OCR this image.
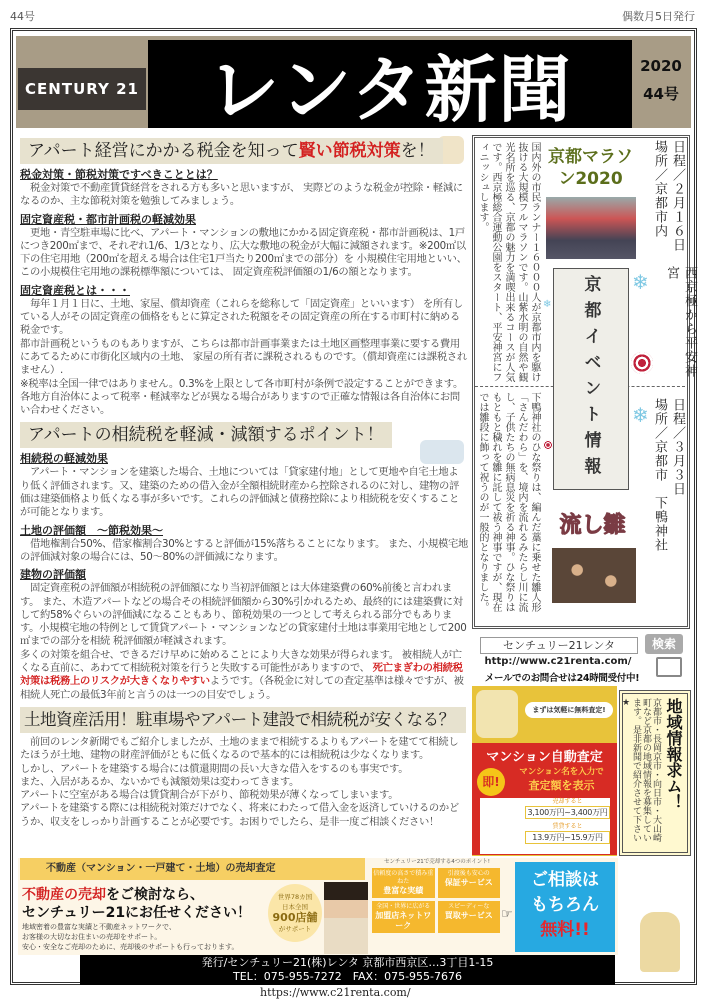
44号	偶数月5日発行
CENTURY 21 レンタ新聞	2020
44号
アパート経営にかかる税金を知って賢い節税対策を！
税金対策・節税対策ですべきこととは？
　税金対策で不動産賃貸経営をされる方も多いと思いますが、 実際どのような税金が控除・軽減になるのか、主な節税対策を勉強してみましょう。
固定資産税・都市計画税の軽減効果
　更地・青空駐車場に比べ、アパート・マンションの敷地にかかる固定資産税・都市計画税は、1戸につき200㎡まで、それぞれ1/6、1/3となり、広大な敷地の税金が大幅に減額されます。※200㎡以下の住宅用地（200㎡を超える場合は住宅1戸当たり200㎡までの部分）を 小規模住宅用地といい、この小規模住宅用地の課税標準額については、 固定資産税評価額の1/6の額となります。
固定資産税とは・・・
　毎年１月１日に、土地、家屋、償却資産（これらを総称して「固定資産」といいます） を所有している人がその固定資産の価格をもとに算定された税額をその固定資産の所在する市町村に納める税金です。
都市計画税というものもありますが、こちらは都市計画事業または土地区画整理事業に要する費用にあてるために市街化区域内の土地、 家屋の所有者に課税されるものです。（償却資産には課税されません）.
※税率は全国一律ではありません。0.3%を上限として各市町村が条例で設定することができます。各地方自治体によって税率・軽減率などが異なる場合がありますので正確な情報は各自治体にお問い合わせください。
アパートの相続税を軽減・減額するポイント！
相続税の軽減効果
　アパート・マンションを建築した場合、土地については「貸家建付地」として更地や自宅土地より低く評価されます。又、建築のための借入金が全額相続財産から控除されるのに対し、建物の評価は建築価格より低くなる事が多いです。これらの評価減と債務控除により相続税を安くすることが可能となります。
土地の評価額　～節税効果～
　借地権割合50%、借家権割合30%とすると評価が15%落ちることになります。 また、小規模宅地の評価減対象の場合には、50～80%の評価減になります。
建物の評価額
　固定資産税の評価額が相続税の評価額になり当初評価額とは大体建築費の60%前後と言われます。 また、木造アパートなどの場合その相続評価額から30%引かれるため、最終的には建築費に対して約58%ぐらいの評価減になることもあり、節税効果の一つとして考えられる部分でもあります。小規模宅地の特例として賃貸アパート・マンションなどの貸家建付土地は事業用宅地として200㎡までの部分を相続 税評価額が軽減されます。
多くの対策を組合せ、できるだけ早めに始めることにより大きな効果が得られます。 被相続人が亡くなる直前に、あわてて相続税対策を行うと失敗する可能性がありますので、 死亡まぎわの相続税対策は税務上のリスクが大きくなりやすいようです。（各税金に対しての査定基準は様々ですが、被相続人死亡の最低3年前と言うのは一つの目安でしょう。
土地資産活用！駐車場やアパート建設で相続税が安くなる？
　前回のレンタ新聞でもご紹介しましたが、土地のままで相続するよりもアパートを建てて相続したほうが土地、建物の財産評価がともに低くなるので基本的には相続税は少なくなります。
しかし、アパートを建築する場合には償還期間の長い大きな借入をするのも事実です。
また、入居があるか、ないかでも減額効果は変わってきます。
アパートに空室がある場合は賃貸割合が下がり、節税効果が薄くなってしまいます。
アパートを建築する際には相続税対策だけでなく、将来にわたって借入金を返済していけるのかどうか、収支をしっかり計画することが必要です。お困りでしたら、是非一度ご相談ください！
国内外の市民ランナー１６０００人が京都市内を駆け抜ける大規模フルマラソンです。山紫水明の自然や観光名所を巡る、京都の魅力を満喫出来るコースが人気です。西京極総合運動公園をスタート、平安神宮にフィニッシュします。	京都マラソン2020	日程／２月１６日
場所／京都市内
西京極から平安神宮
京都イベント情報	❄
❄
❄
下鴨神社のひな祭りは、編んだ藁に乗せた雛人形「さんだわら」を、境内を流れるみたらし川に流し、子供たちの無病息災を祈る神事。ひな祭りはもともと穢れを雛に託して祓う神事ですが、現在では雛段に飾って祝うのが一般的となりました。	流し雛
日程／３月３日
場所／京都市　下鴨神社
センチュリー21レンタ	検索
http://www.c21renta.com/
メールでのお問合せは24時間受付中!
まずは気軽に無料査定!
マンション自動査定
即!
マンション名を入力で
査定額を表示
売却すると
3,100万円~3,400万円
賃貸すると
13.9万円~15.9万円
地域情報求ム！
京都市・長岡京市・向日市・大山崎町など京都の地域情報を募集しています。是非新聞で紹介させて下さい★
不動産（マンション・一戸建て・土地）の売却査定
不動産の売却をご検討なら、
センチュリー21にお任せください！
地域密着の豊富な実績と不動産ネットワークで、
お客様の大切なお住まいの売却をサポート。
安心・安全なご売却のために、売却後のサポートも行っております。
世界78カ国
日本全国
900店舗
がサポート
センチュリー21で売却する4つのポイント!
信頼度の高さで積み重ねた
豊富な実績
引渡後も安心の
保証サービス
全国・世界に広がる
加盟店ネットワーク
スピーディーな
買取サービス
ご相談は
もちろん
無料!!
☞
発行/センチュリー21(株)レンタ 京都市西京区…3丁目1-15
TEL：075-955-7272　FAX：075-955-7676
https://www.c21renta.com/
